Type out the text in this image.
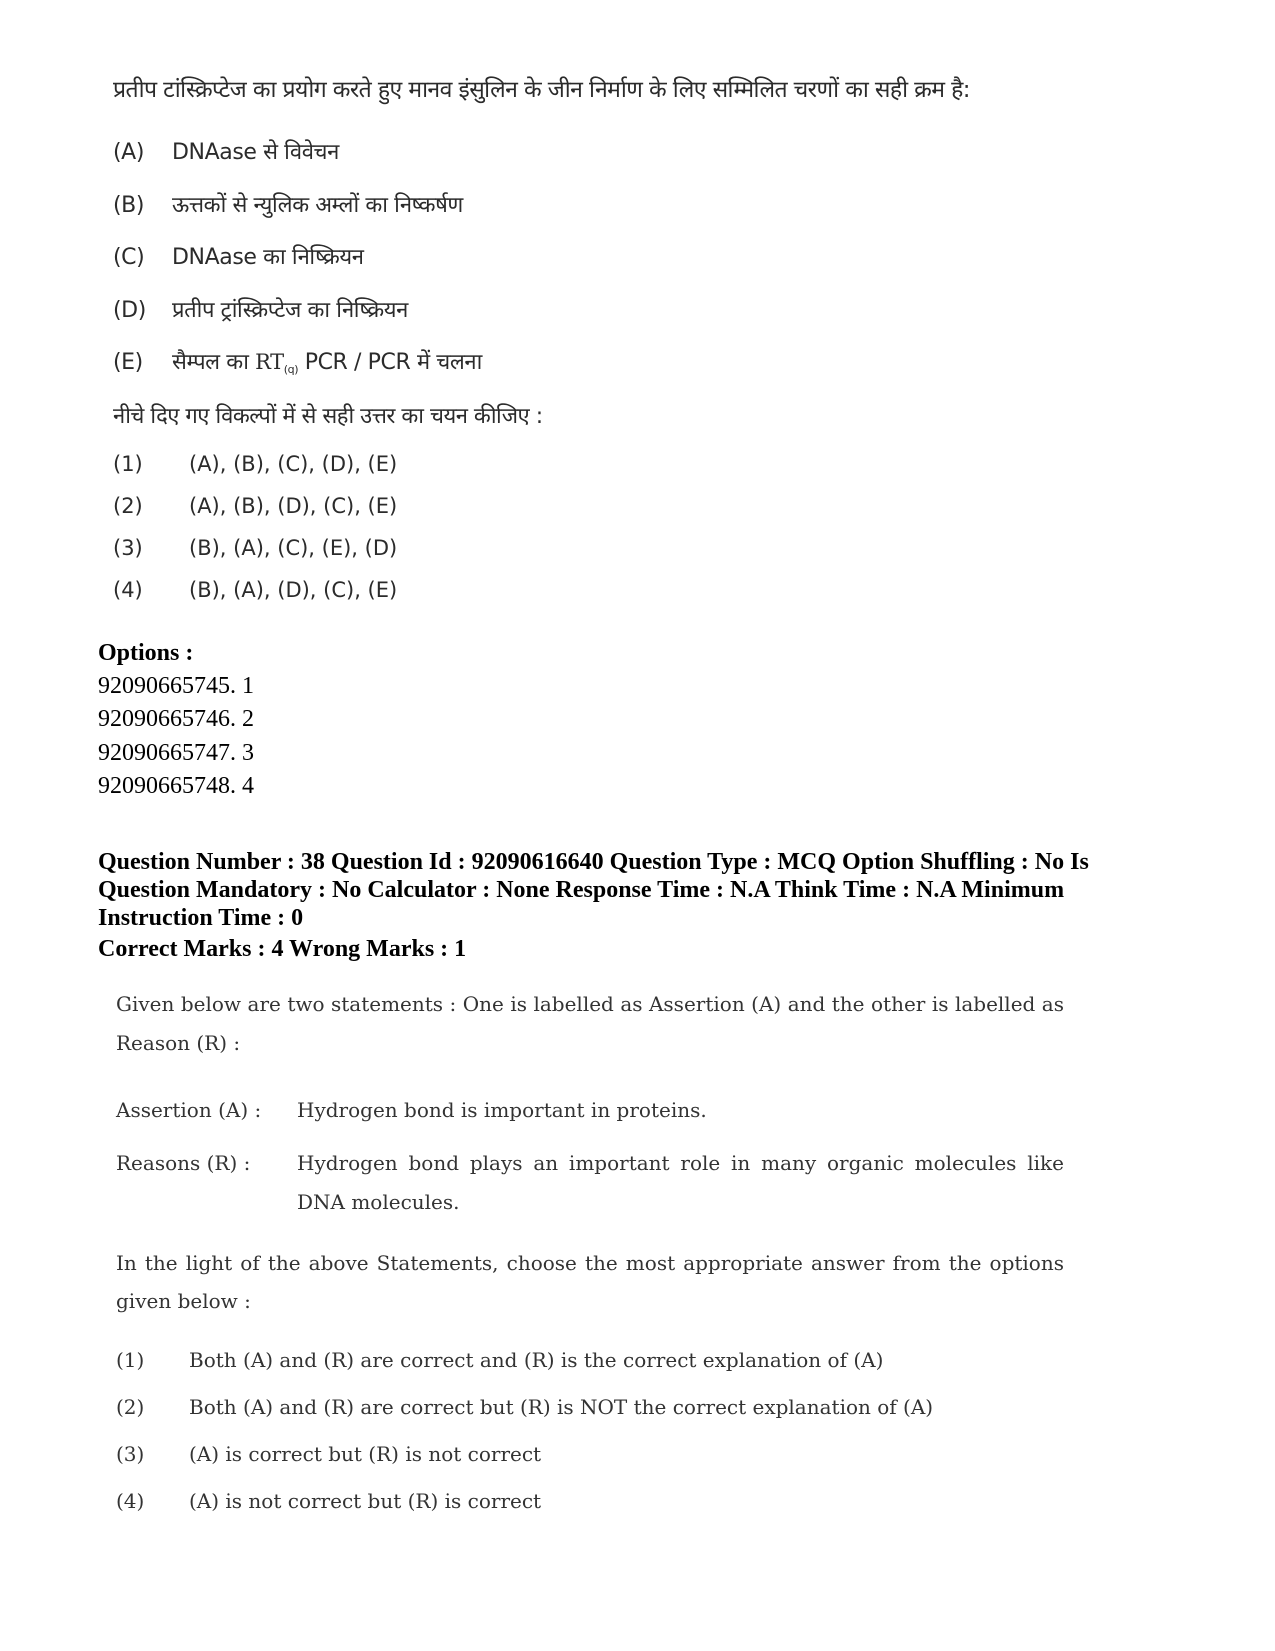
प्रतीप टांस्क्रिप्टेज का प्रयोग करते हुए मानव इंसुलिन के जीन निर्माण के लिए सम्मिलित चरणों का सही क्रम है:
(A) DNAase से विवेचन
(B) ऊत्तकों से न्युलिक अम्लों का निष्कर्षण
(C) DNAase का निष्क्रियन
(D) प्रतीप ट्रांस्क्रिप्टेज का निष्क्रियन
(E) सैम्पल का $RT_{(q)}$ PCR / PCR में चलना
नीचे दिए गए विकल्पों में से सही उत्तर का चयन कीजिए :
(1) (A), (B), (C), (D), (E)
(2) (A), (B), (D), (C), (E)
(3) (B), (A), (C), (E), (D)
(4) (B), (A), (D), (C), (E)
Options :
92090665745. 1
92090665746. 2
92090665747. 3
92090665748. 4
Question Number : 38 Question Id : 92090616640 Question Type : MCQ Option Shuffling : No Is
Question Mandatory : No Calculator : None Response Time : N.A Think Time : N.A Minimum
Instruction Time : 0
Correct Marks : 4 Wrong Marks : 1
Given below are two statements : One is labelled as Assertion (A) and the other is labelled as Reason (R) :
Assertion (A) : Hydrogen bond is important in proteins.
Reasons (R) : Hydrogen bond plays an important role in many organic molecules like DNA molecules.
In the light of the above Statements, choose the most appropriate answer from the options given below :
(1) Both (A) and (R) are correct and (R) is the correct explanation of (A)
(2) Both (A) and (R) are correct but (R) is NOT the correct explanation of (A)
(3) (A) is correct but (R) is not correct
(4) (A) is not correct but (R) is correct
